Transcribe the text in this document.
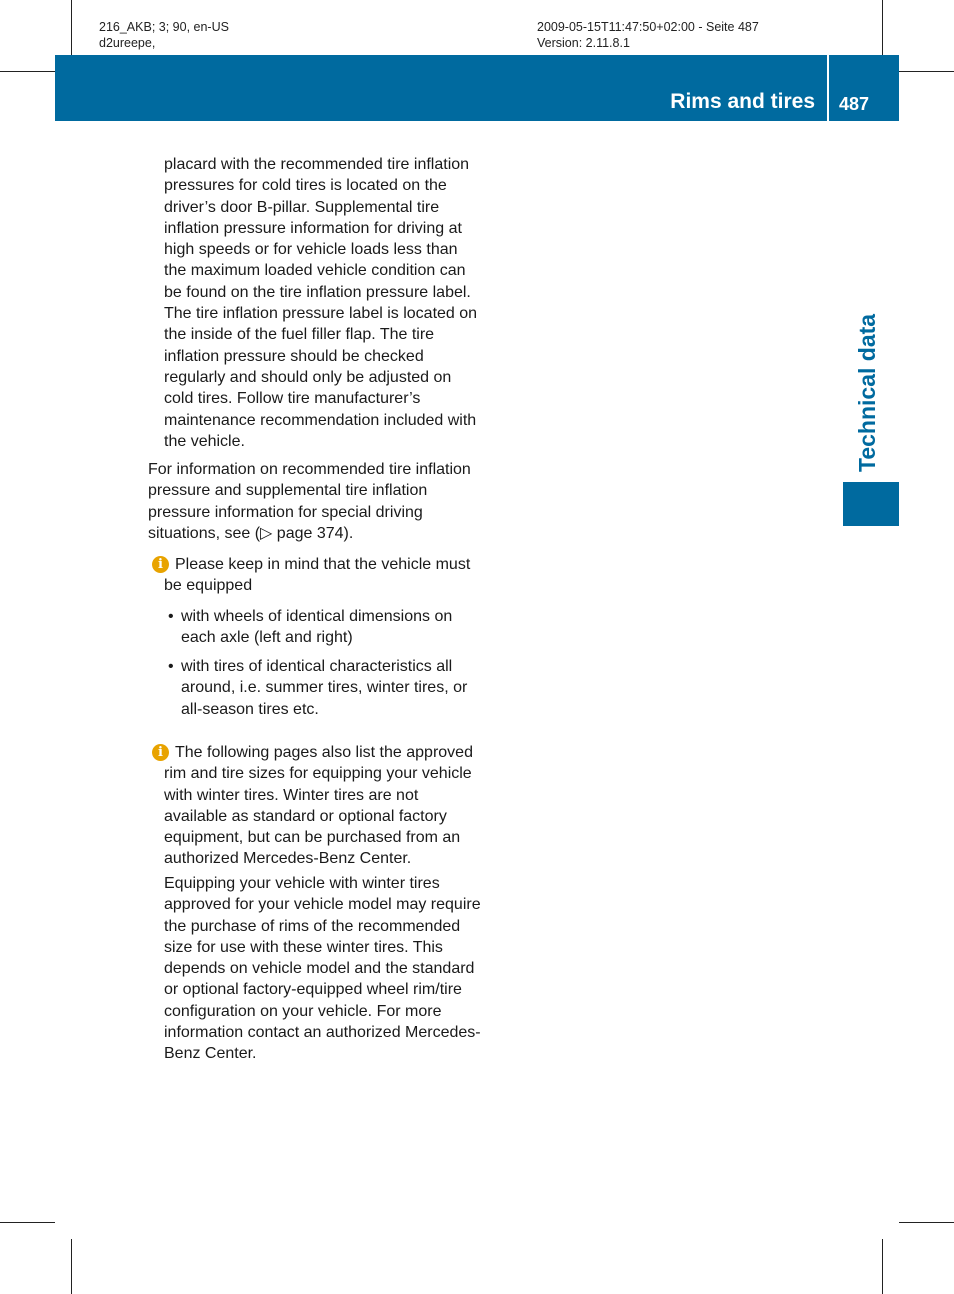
216_AKB; 3; 90, en-US
d2ureepe,
2009-05-15T11:47:50+02:00 - Seite 487
Version: 2.11.8.1
Rims and tires 487
Technical data

placard with the recommended tire inflation pressures for cold tires is located on the driver’s door B-pillar. Supplemental tire inflation pressure information for driving at high speeds or for vehicle loads less than the maximum loaded vehicle condition can be found on the tire inflation pressure label. The tire inflation pressure label is located on the inside of the fuel filler flap. The tire inflation pressure should be checked regularly and should only be adjusted on cold tires. Follow tire manufacturer’s maintenance recommendation included with the vehicle.

For information on recommended tire inflation pressure and supplemental tire inflation pressure information for special driving situations, see (▷ page 374).

i Please keep in mind that the vehicle must be equipped

• with wheels of identical dimensions on each axle (left and right)

• with tires of identical characteristics all around, i.e. summer tires, winter tires, or all-season tires etc.

i The following pages also list the approved rim and tire sizes for equipping your vehicle with winter tires. Winter tires are not available as standard or optional factory equipment, but can be purchased from an authorized Mercedes-Benz Center.

Equipping your vehicle with winter tires approved for your vehicle model may require the purchase of rims of the recommended size for use with these winter tires. This depends on vehicle model and the standard or optional factory-equipped wheel rim/tire configuration on your vehicle. For more information contact an authorized Mercedes-Benz Center.
